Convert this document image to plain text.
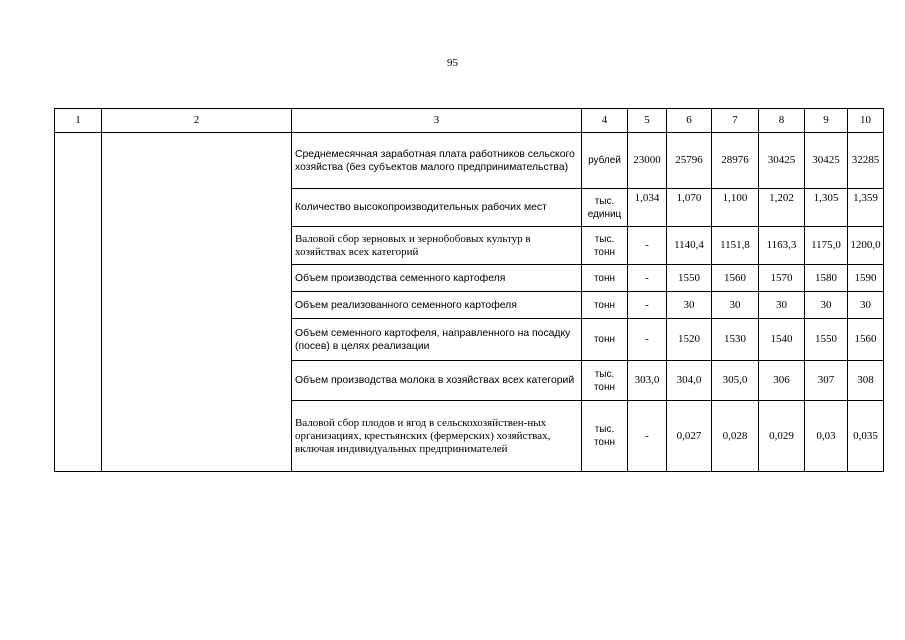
95
1	2	3	4	5	6	7	8	9	10
		Среднемесячная заработная плата работников сельского хозяйства (без субъектов малого предпринимательства)	рублей	23000	25796	28976	30425	30425	32285
		Количество высокопроизводительных рабочих мест	тыс. единиц	1,034	1,070	1,100	1,202	1,305	1,359
		Валовой сбор зерновых и зернобобовых культур в хозяйствах всех категорий	тыс. тонн	-	1140,4	1151,8	1163,3	1175,0	1200,0
		Объем производства семенного картофеля	тонн	-	1550	1560	1570	1580	1590
		Объем реализованного семенного картофеля	тонн	-	30	30	30	30	30
		Объем семенного картофеля, направленного на посадку (посев) в целях реализации	тонн	-	1520	1530	1540	1550	1560
		Объем производства молока в хозяйствах всех категорий	тыс. тонн	303,0	304,0	305,0	306	307	308
		Валовой сбор плодов и ягод в сельскохозяйствен-ных организациях, крестьянских (фермерских) хозяйствах, включая индивидуальных предпринимателей	тыс. тонн	-	0,027	0,028	0,029	0,03	0,035
